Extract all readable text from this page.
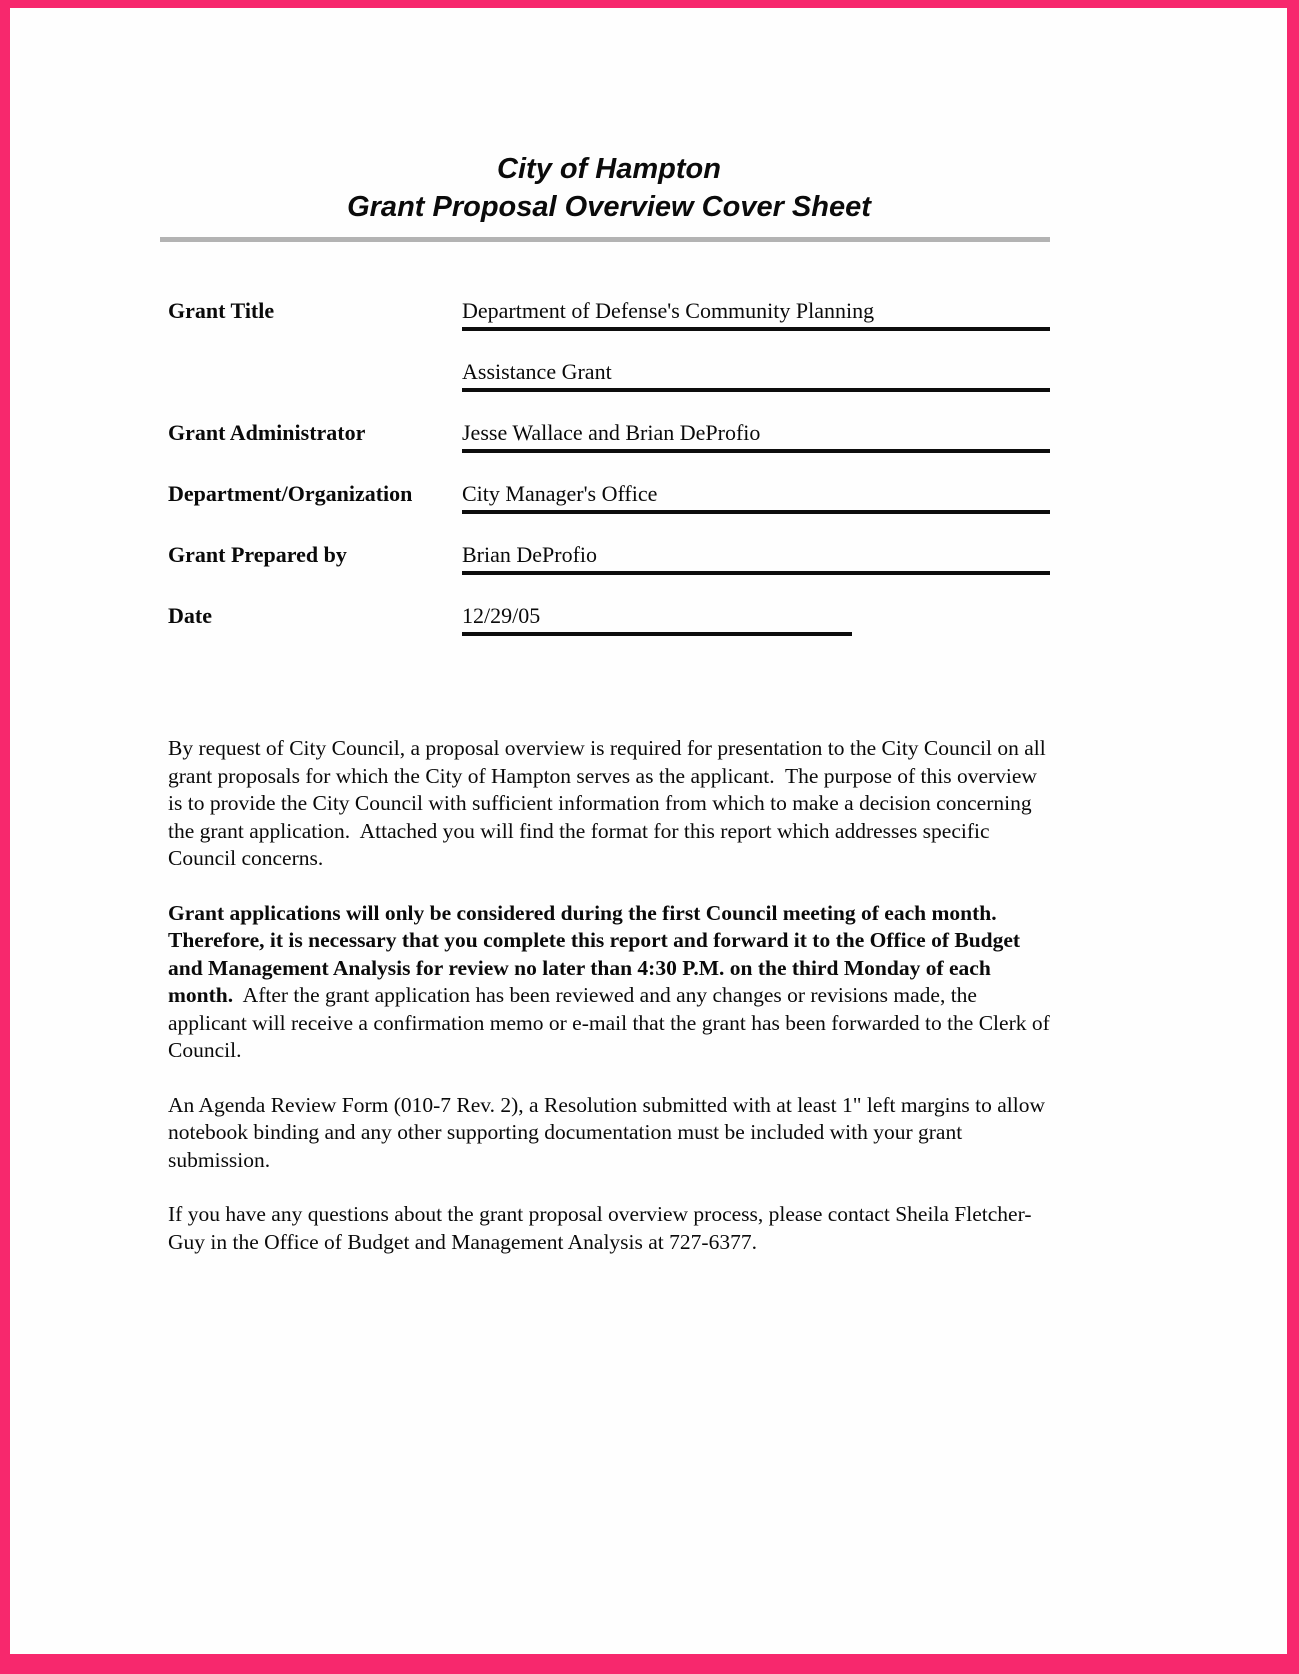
City of Hampton
Grant Proposal Overview Cover Sheet
Grant Title	Department of Defense's Community Planning
Assistance Grant
Grant Administrator	Jesse Wallace and Brian DeProfio
Department/Organization	City Manager's Office
Grant Prepared by	Brian DeProfio
Date	12/29/05

By request of City Council, a proposal overview is required for presentation to the City Council on all grant proposals for which the City of Hampton serves as the applicant.  The purpose of this overview is to provide the City Council with sufficient information from which to make a decision concerning the grant application.  Attached you will find the format for this report which addresses specific Council concerns.

Grant applications will only be considered during the first Council meeting of each month.  Therefore, it is necessary that you complete this report and forward it to the Office of Budget and Management Analysis for review no later than 4:30 P.M. on the third Monday of each month.  After the grant application has been reviewed and any changes or revisions made, the applicant will receive a confirmation memo or e-mail that the grant has been forwarded to the Clerk of Council.

An Agenda Review Form (010-7 Rev. 2), a Resolution submitted with at least 1" left margins to allow notebook binding and any other supporting documentation must be included with your grant submission.

If you have any questions about the grant proposal overview process, please contact Sheila Fletcher-Guy in the Office of Budget and Management Analysis at 727-6377.
